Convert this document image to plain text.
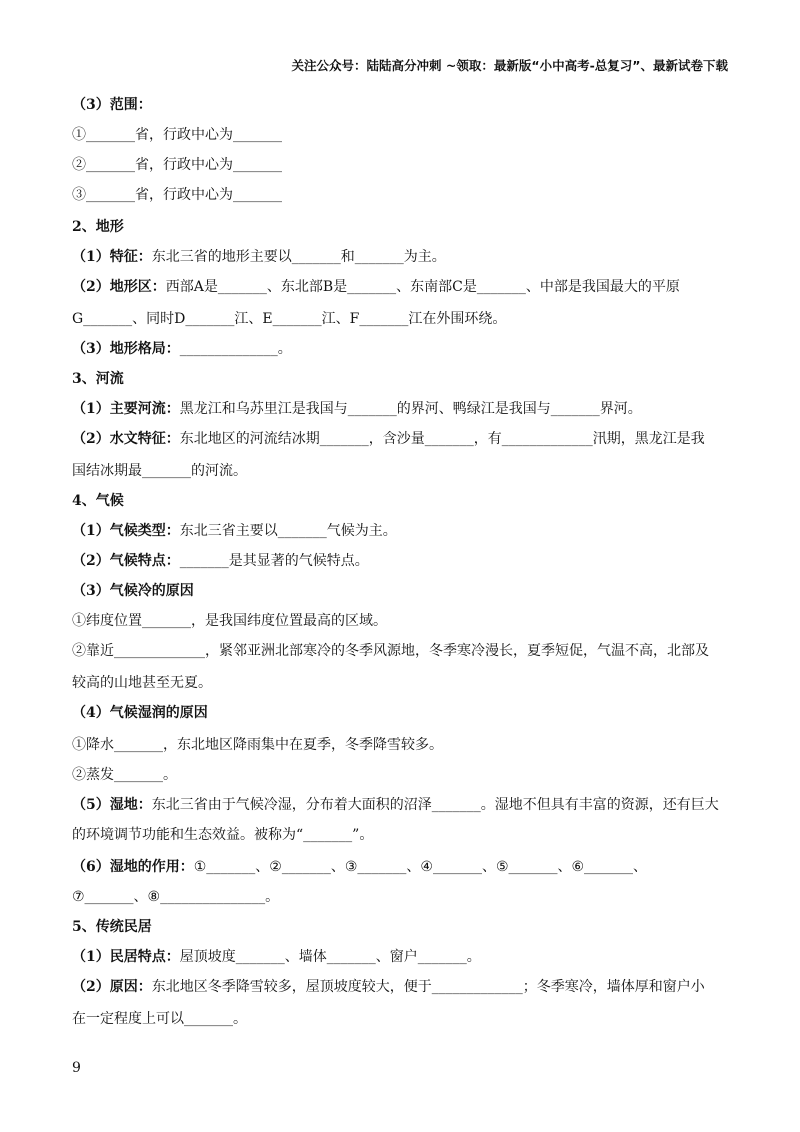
关注公众号：陆陆高分冲刺 ~领取：最新版“小中高考-总复习”、最新试卷下载
（3）范围：
①_______省，行政中心为_______
②_______省，行政中心为_______
③_______省，行政中心为_______
2、地形
（1）特征：东北三省的地形主要以_______和_______为主。
（2）地形区：西部A是_______、东北部B是_______、东南部C是_______、中部是我国最大的平原
G_______、同时D_______江、E_______江、F_______江在外围环绕。
（3）地形格局：______________。
3、河流
（1）主要河流：黑龙江和乌苏里江是我国与_______的界河、鸭绿江是我国与_______界河。
（2）水文特征：东北地区的河流结冰期_______，含沙量_______，有_____________汛期，黑龙江是我
国结冰期最_______的河流。
4、气候
（1）气候类型：东北三省主要以_______气候为主。
（2）气候特点：_______是其显著的气候特点。
（3）气候冷的原因
①纬度位置_______，是我国纬度位置最高的区域。
②靠近_____________，紧邻亚洲北部寒冷的冬季风源地，冬季寒冷漫长，夏季短促，气温不高，北部及
较高的山地甚至无夏。
（4）气候湿润的原因
①降水_______，东北地区降雨集中在夏季，冬季降雪较多。
②蒸发_______。
（5）湿地：东北三省由于气候冷湿，分布着大面积的沼泽_______。湿地不但具有丰富的资源，还有巨大
的环境调节功能和生态效益。被称为“_______”。
（6）湿地的作用：①_______、②_______、③_______、④_______、⑤_______、⑥_______、
⑦_______、⑧_______________。
5、传统民居
（1）民居特点：屋顶坡度_______、墙体_______、窗户_______。
（2）原因：东北地区冬季降雪较多，屋顶坡度较大，便于_____________；冬季寒冷，墙体厚和窗户小
在一定程度上可以_______。
9
